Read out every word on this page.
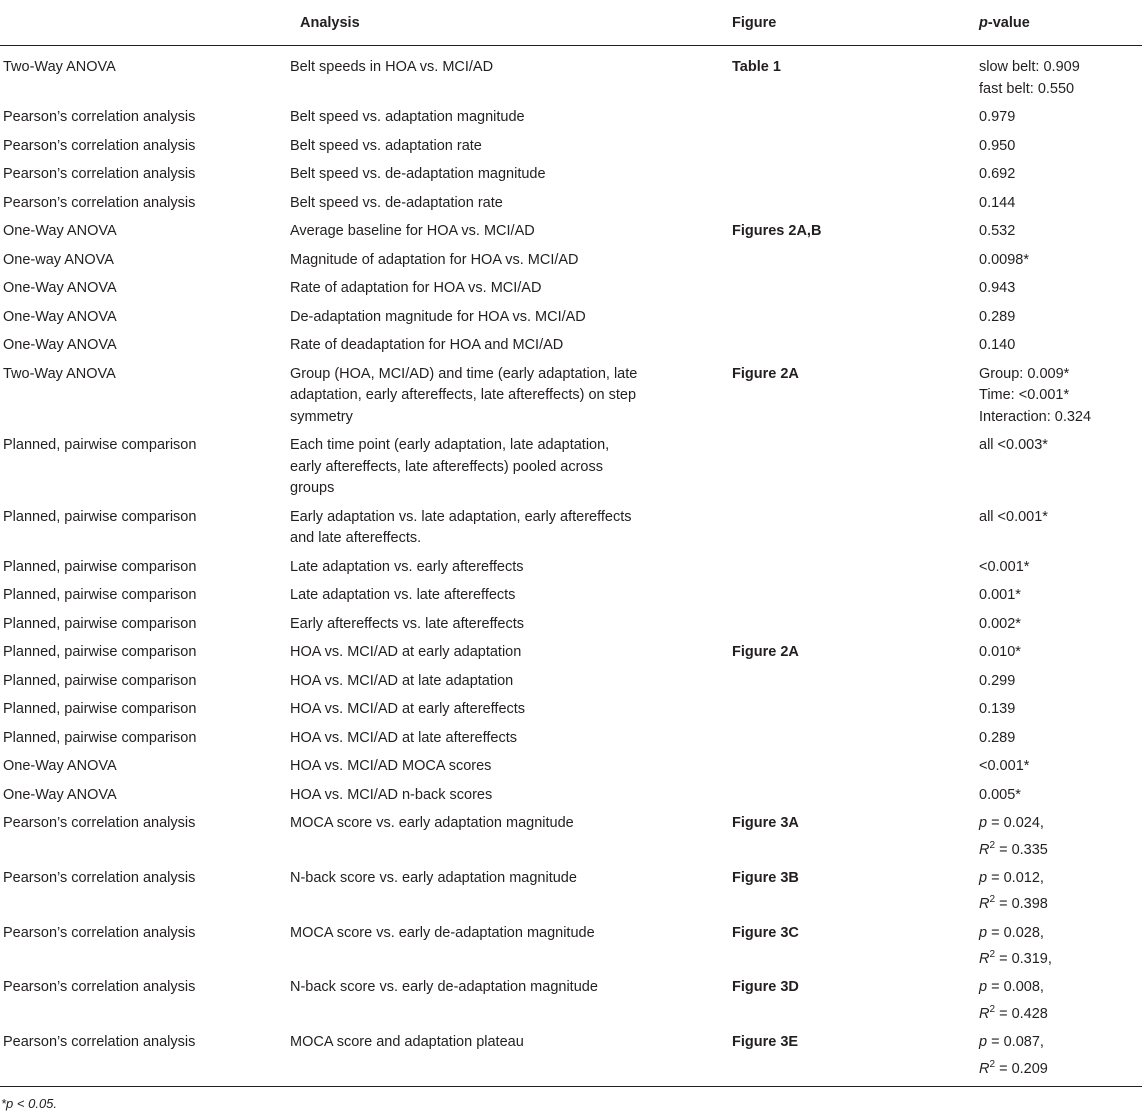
	Analysis	Figure	p-value
Two-Way ANOVA	Belt speeds in HOA vs. MCI/AD	Table 1	slow belt: 0.909
fast belt: 0.550

Pearson’s correlation analysis	Belt speed vs. adaptation magnitude		0.979

Pearson’s correlation analysis	Belt speed vs. adaptation rate		0.950

Pearson’s correlation analysis	Belt speed vs. de-adaptation magnitude		0.692

Pearson’s correlation analysis	Belt speed vs. de-adaptation rate		0.144

One-Way ANOVA	Average baseline for HOA vs. MCI/AD	Figures 2A,B	0.532

One-way ANOVA	Magnitude of adaptation for HOA vs. MCI/AD		0.0098*

One-Way ANOVA	Rate of adaptation for HOA vs. MCI/AD		0.943

One-Way ANOVA	De-adaptation magnitude for HOA vs. MCI/AD		0.289

One-Way ANOVA	Rate of deadaptation for HOA and MCI/AD		0.140

Two-Way ANOVA	Group (HOA, MCI/AD) and time (early adaptation, late adaptation, early aftereffects, late aftereffects) on step symmetry	Figure 2A	Group: 0.009*
Time: <0.001*
Interaction: 0.324

Planned, pairwise comparison	Each time point (early adaptation, late adaptation, early aftereffects, late aftereffects) pooled across groups		all <0.003*

Planned, pairwise comparison	Early adaptation vs. late adaptation, early aftereffects and late aftereffects.		all <0.001*

Planned, pairwise comparison	Late adaptation vs. early aftereffects		<0.001*

Planned, pairwise comparison	Late adaptation vs. late aftereffects		0.001*

Planned, pairwise comparison	Early aftereffects vs. late aftereffects		0.002*

Planned, pairwise comparison	HOA vs. MCI/AD at early adaptation	Figure 2A	0.010*

Planned, pairwise comparison	HOA vs. MCI/AD at late adaptation		0.299

Planned, pairwise comparison	HOA vs. MCI/AD at early aftereffects		0.139

Planned, pairwise comparison	HOA vs. MCI/AD at late aftereffects		0.289

One-Way ANOVA	HOA vs. MCI/AD MOCA scores		<0.001*

One-Way ANOVA	HOA vs. MCI/AD n-back scores		0.005*

Pearson’s correlation analysis	MOCA score vs. early adaptation magnitude	Figure 3A	p = 0.024,
$R^2 = 0.335$

Pearson’s correlation analysis	N-back score vs. early adaptation magnitude	Figure 3B	p = 0.012,
$R^2 = 0.398$

Pearson’s correlation analysis	MOCA score vs. early de-adaptation magnitude	Figure 3C	p = 0.028,
$R^2 = 0.319$,

Pearson’s correlation analysis	N-back score vs. early de-adaptation magnitude	Figure 3D	p = 0.008,
$R^2 = 0.428$

Pearson’s correlation analysis	MOCA score and adaptation plateau	Figure 3E	p = 0.087,
$R^2 = 0.209$

*p < 0.05.			
